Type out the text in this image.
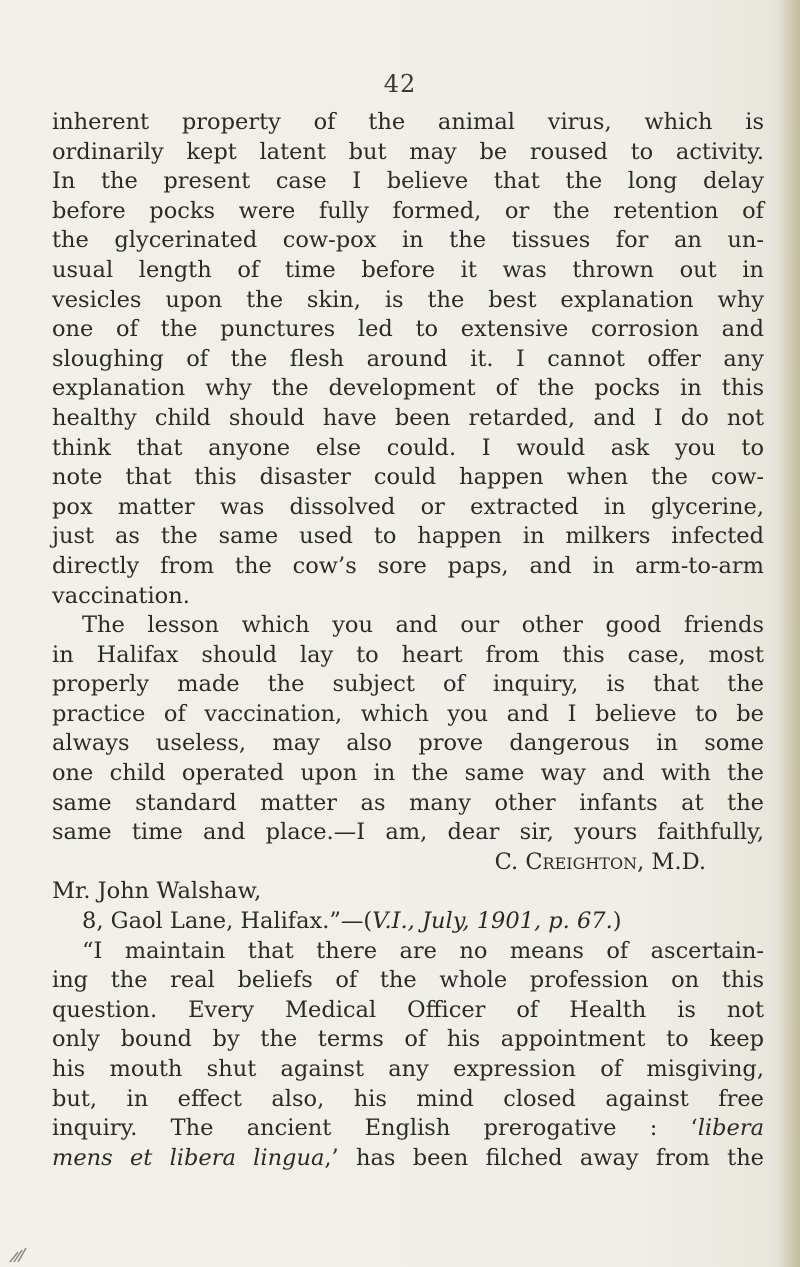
42
inherent property of the animal virus, which is
ordinarily kept latent but may be roused to activity.
In the present case I believe that the long delay
before pocks were fully formed, or the retention of
the glycerinated cow-pox in the tissues for an un-
usual length of time before it was thrown out in
vesicles upon the skin, is the best explanation why
one of the punctures led to extensive corrosion and
sloughing of the flesh around it. I cannot offer any
explanation why the development of the pocks in this
healthy child should have been retarded, and I do not
think that anyone else could. I would ask you to
note that this disaster could happen when the cow-
pox matter was dissolved or extracted in glycerine,
just as the same used to happen in milkers infected
directly from the cow’s sore paps, and in arm-to-arm
vaccination.
The lesson which you and our other good friends
in Halifax should lay to heart from this case, most
properly made the subject of inquiry, is that the
practice of vaccination, which you and I believe to be
always useless, may also prove dangerous in some
one child operated upon in the same way and with the
same standard matter as many other infants at the
same time and place.—I am, dear sir, yours faithfully,
C. Creighton, M.D.
Mr. John Walshaw,
8, Gaol Lane, Halifax.”—(V.I., July, 1901, p. 67.)
“I maintain that there are no means of ascertain-
ing the real beliefs of the whole profession on this
question. Every Medical Officer of Health is not
only bound by the terms of his appointment to keep
his mouth shut against any expression of misgiving,
but, in effect also, his mind closed against free
inquiry. The ancient English prerogative : ‘libera
mens et libera lingua,’ has been filched away from the
